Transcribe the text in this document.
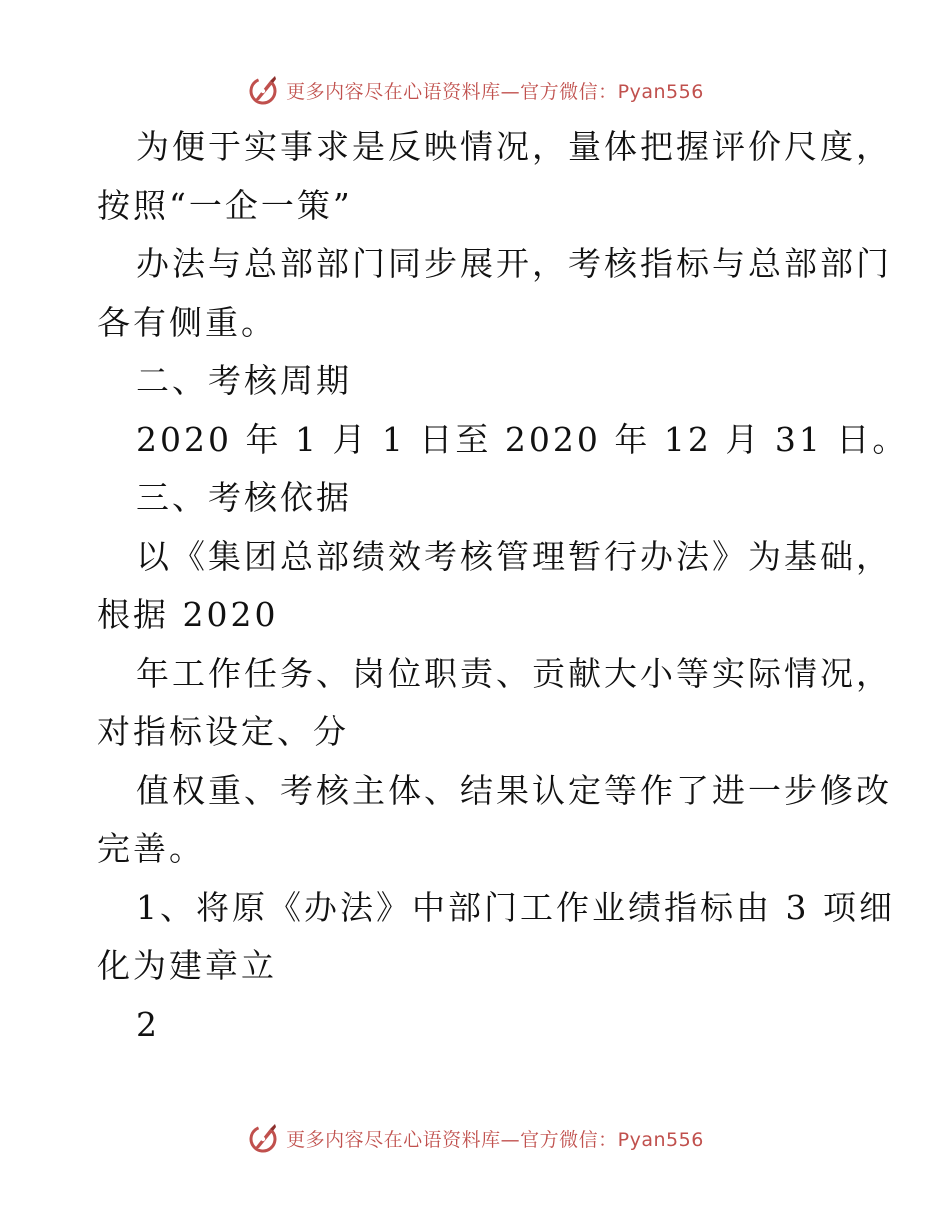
更多内容尽在心语资料库—官方微信：Pyan556
为便于实事求是反映情况，量体把握评价尺度，
按照“一企一策”
办法与总部部门同步展开，考核指标与总部部门
各有侧重。
二、考核周期
2020 年 1 月 1 日至 2020 年 12 月 31 日。
三、考核依据
以《集团总部绩效考核管理暂行办法》为基础，
根据 2020
年工作任务、岗位职责、贡献大小等实际情况，
对指标设定、分
值权重、考核主体、结果认定等作了进一步修改
完善。
1、将原《办法》中部门工作业绩指标由 3 项细
化为建章立
2
更多内容尽在心语资料库—官方微信：Pyan556
